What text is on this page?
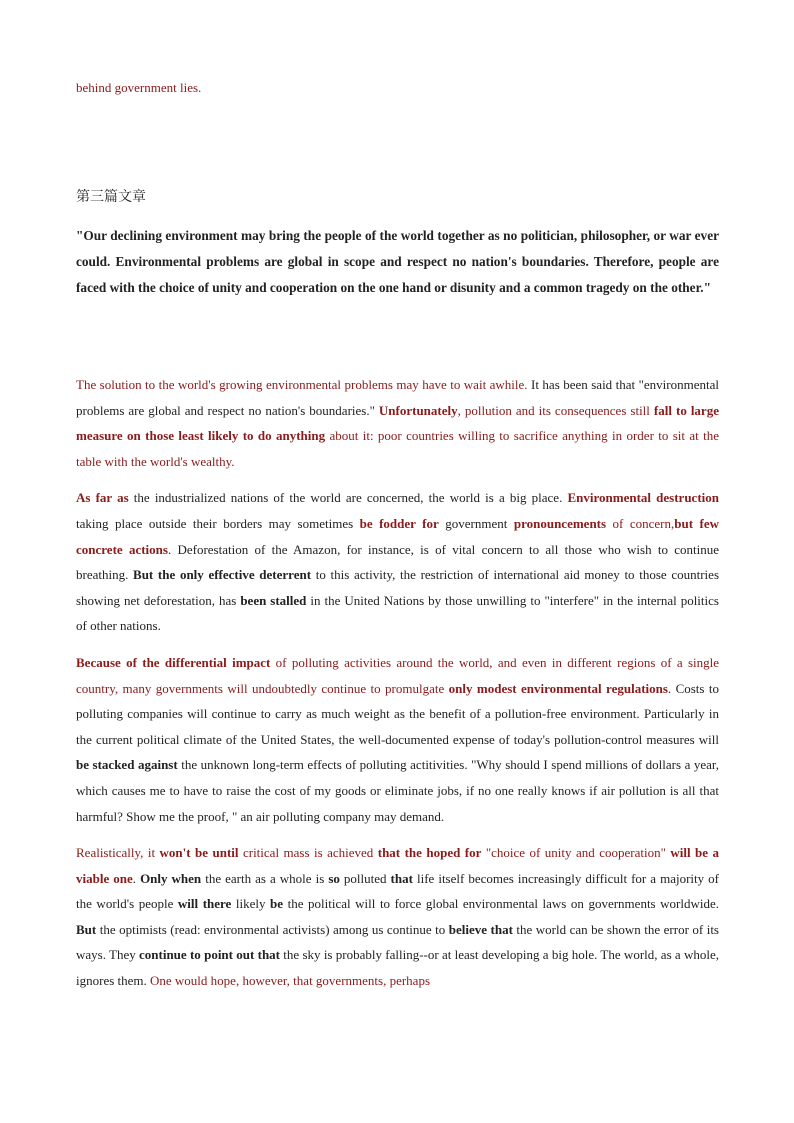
behind government lies.
第三篇文章
"Our declining environment may bring the people of the world together as no politician, philosopher, or war ever could. Environmental problems are global in scope and respect no nation's boundaries. Therefore, people are faced with the choice of unity and cooperation on the one hand or disunity and a common tragedy on the other."

The solution to the world's growing environmental problems may have to wait awhile. It has been said that "environmental problems are global and respect no nation's boundaries." Unfortunately, pollution and its consequences still fall to large measure on those least likely to do anything about it: poor countries willing to sacrifice anything in order to sit at the table with the world's wealthy.

As far as the industrialized nations of the world are concerned, the world is a big place. Environmental destruction taking place outside their borders may sometimes be fodder for government pronouncements of concern,but few concrete actions. Deforestation of the Amazon, for instance, is of vital concern to all those who wish to continue breathing. But the only effective deterrent to this activity, the restriction of international aid money to those countries showing net deforestation, has been stalled in the United Nations by those unwilling to "interfere" in the internal politics of other nations.

Because of the differential impact of polluting activities around the world, and even in different regions of a single country, many governments will undoubtedly continue to promulgate only modest environmental regulations. Costs to polluting companies will continue to carry as much weight as the benefit of a pollution-free environment. Particularly in the current political climate of the United States, the well-documented expense of today's pollution-control measures will be stacked against the unknown long-term effects of polluting actitivities. "Why should I spend millions of dollars a year, which causes me to have to raise the cost of my goods or eliminate jobs, if no one really knows if air pollution is all that harmful? Show me the proof, " an air polluting company may demand.

Realistically, it won't be until critical mass is achieved that the hoped for "choice of unity and cooperation" will be a viable one. Only when the earth as a whole is so polluted that life itself becomes increasingly difficult for a majority of the world's people will there likely be the political will to force global environmental laws on governments worldwide. But the optimists (read: environmental activists) among us continue to believe that the world can be shown the error of its ways. They continue to point out that the sky is probably falling--or at least developing a big hole. The world, as a whole, ignores them. One would hope, however, that governments, perhaps
